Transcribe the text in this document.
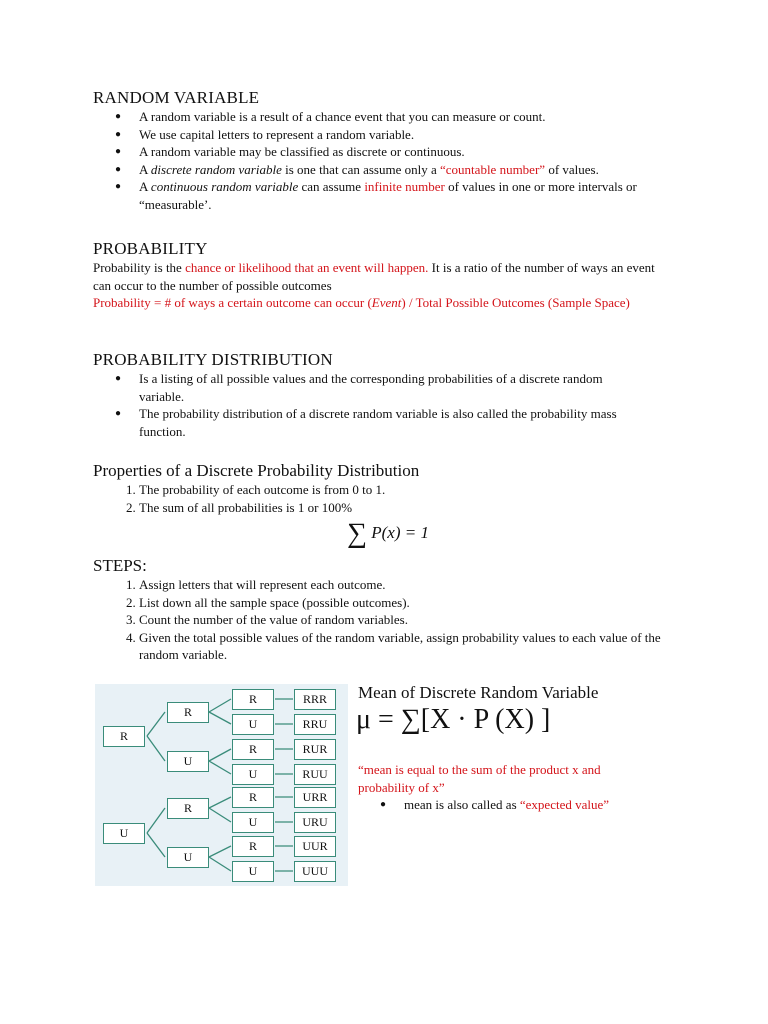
RANDOM VARIABLE
● A random variable is a result of a chance event that you can measure or count.
● We use capital letters to represent a random variable.
● A random variable may be classified as discrete or continuous.
● A discrete random variable is one that can assume only a “countable number” of values.
● A continuous random variable can assume infinite number of values in one or more intervals or “measurable’.
PROBABILITY
Probability is the chance or likelihood that an event will happen. It is a ratio of the number of ways an event can occur to the number of possible outcomes
Probability = # of ways a certain outcome can occur (Event) / Total Possible Outcomes (Sample Space)
PROBABILITY DISTRIBUTION
● Is a listing of all possible values and the corresponding probabilities of a discrete random variable.
● The probability distribution of a discrete random variable is also called the probability mass function.
Properties of a Discrete Probability Distribution
1. The probability of each outcome is from 0 to 1.
2. The sum of all probabilities is 1 or 100%
∑ P(x) = 1
STEPS:
1. Assign letters that will represent each outcome.
2. List down all the sample space (possible outcomes).
3. Count the number of the value of random variables.
4. Given the total possible values of the random variable, assign probability values to each value of the random variable.
R
U
R
U
R
U
R
U
R
U
R
U
R
U
RRR
RRU
RUR
RUU
URR
URU
UUR
UUU
Mean of Discrete Random Variable
μ = ∑[X · P (X) ]
“mean is equal to the sum of the product x and probability of x”
● mean is also called as “expected value”
